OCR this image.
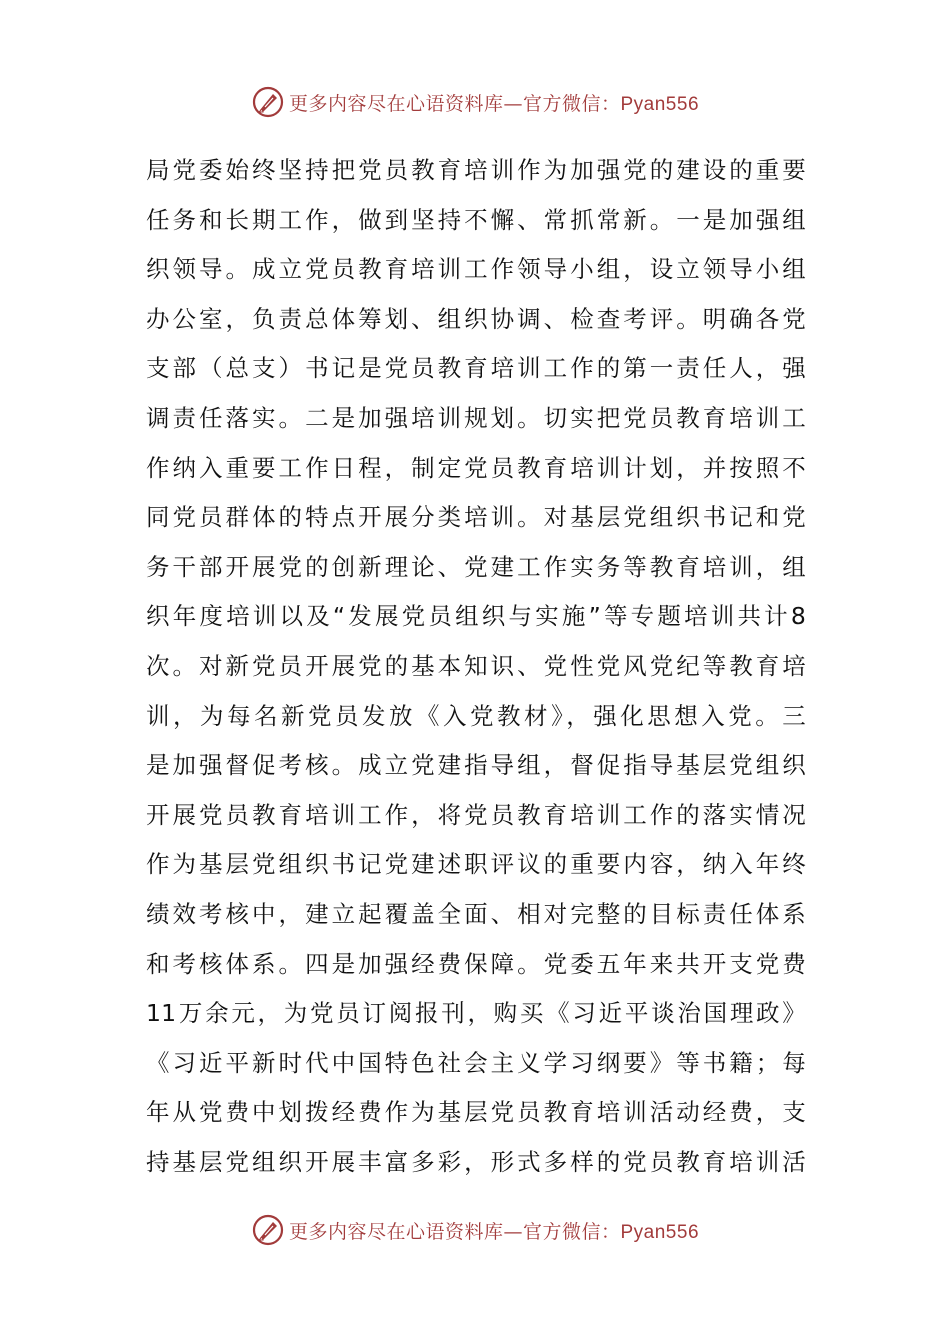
更多内容尽在心语资料库—官方微信：Pyan556
局党委始终坚持把党员教育培训作为加强党的建设的重要
任务和长期工作，做到坚持不懈、常抓常新。一是加强组
织领导。成立党员教育培训工作领导小组，设立领导小组
办公室，负责总体筹划、组织协调、检查考评。明确各党
支部（总支）书记是党员教育培训工作的第一责任人，强
调责任落实。二是加强培训规划。切实把党员教育培训工
作纳入重要工作日程，制定党员教育培训计划，并按照不
同党员群体的特点开展分类培训。对基层党组织书记和党
务干部开展党的创新理论、党建工作实务等教育培训，组
织年度培训以及“发展党员组织与实施”等专题培训共计8
次。对新党员开展党的基本知识、党性党风党纪等教育培
训，为每名新党员发放《入党教材》，强化思想入党。三
是加强督促考核。成立党建指导组，督促指导基层党组织
开展党员教育培训工作，将党员教育培训工作的落实情况
作为基层党组织书记党建述职评议的重要内容，纳入年终
绩效考核中，建立起覆盖全面、相对完整的目标责任体系
和考核体系。四是加强经费保障。党委五年来共开支党费
11万余元，为党员订阅报刊，购买《习近平谈治国理政》
《习近平新时代中国特色社会主义学习纲要》等书籍；每
年从党费中划拨经费作为基层党员教育培训活动经费，支
持基层党组织开展丰富多彩，形式多样的党员教育培训活
更多内容尽在心语资料库—官方微信：Pyan556
